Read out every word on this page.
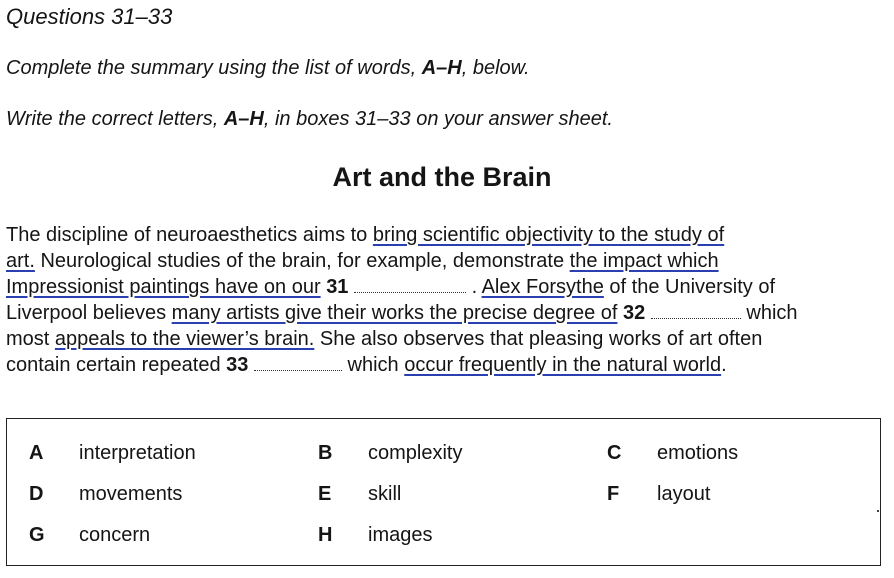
Questions 31–33
Complete the summary using the list of words, A–H, below.
Write the correct letters, A–H, in boxes 31–33 on your answer sheet.
Art and the Brain
The discipline of neuroaesthetics aims to bring scientific objectivity to the study of
art. Neurological studies of the brain, for example, demonstrate the impact which
Impressionist paintings have on our 31	. Alex Forsythe of the University of
Liverpool believes many artists give their works the precise degree of 32	which
most appeals to the viewer’s brain. She also observes that pleasing works of art often
contain certain repeated 33	which occur frequently in the natural world.
A interpretation	B complexity	C emotions
D movements	E skill	F layout
G concern	H images
